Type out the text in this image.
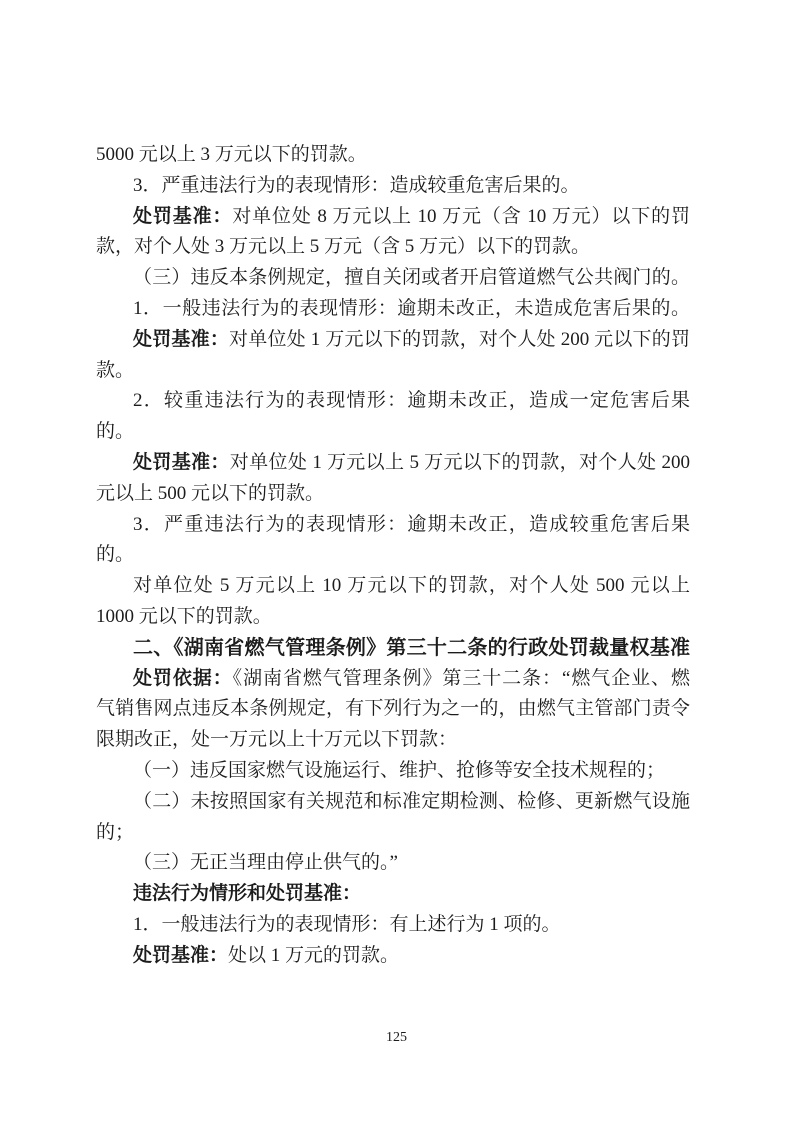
5000 元以上 3 万元以下的罚款。
3．严重违法行为的表现情形：造成较重危害后果的。
处罚基准：对单位处 8 万元以上 10 万元（含 10 万元）以下的罚
款，对个人处 3 万元以上 5 万元（含 5 万元）以下的罚款。
（三）违反本条例规定，擅自关闭或者开启管道燃气公共阀门的。
1．一般违法行为的表现情形：逾期未改正，未造成危害后果的。
处罚基准：对单位处 1 万元以下的罚款，对个人处 200 元以下的罚
款。
2．较重违法行为的表现情形：逾期未改正，造成一定危害后果
的。
处罚基准：对单位处 1 万元以上 5 万元以下的罚款，对个人处 200
元以上 500 元以下的罚款。
3．严重违法行为的表现情形：逾期未改正，造成较重危害后果
的。
对单位处 5 万元以上 10 万元以下的罚款，对个人处 500 元以上
1000 元以下的罚款。
二、《湖南省燃气管理条例》第三十二条的行政处罚裁量权基准
处罚依据：《湖南省燃气管理条例》第三十二条：“燃气企业、燃
气销售网点违反本条例规定，有下列行为之一的，由燃气主管部门责令
限期改正，处一万元以上十万元以下罚款：
（一）违反国家燃气设施运行、维护、抢修等安全技术规程的；
（二）未按照国家有关规范和标准定期检测、检修、更新燃气设施
的；
（三）无正当理由停止供气的。”
违法行为情形和处罚基准：
1．一般违法行为的表现情形：有上述行为 1 项的。
处罚基准：处以 1 万元的罚款。
125
